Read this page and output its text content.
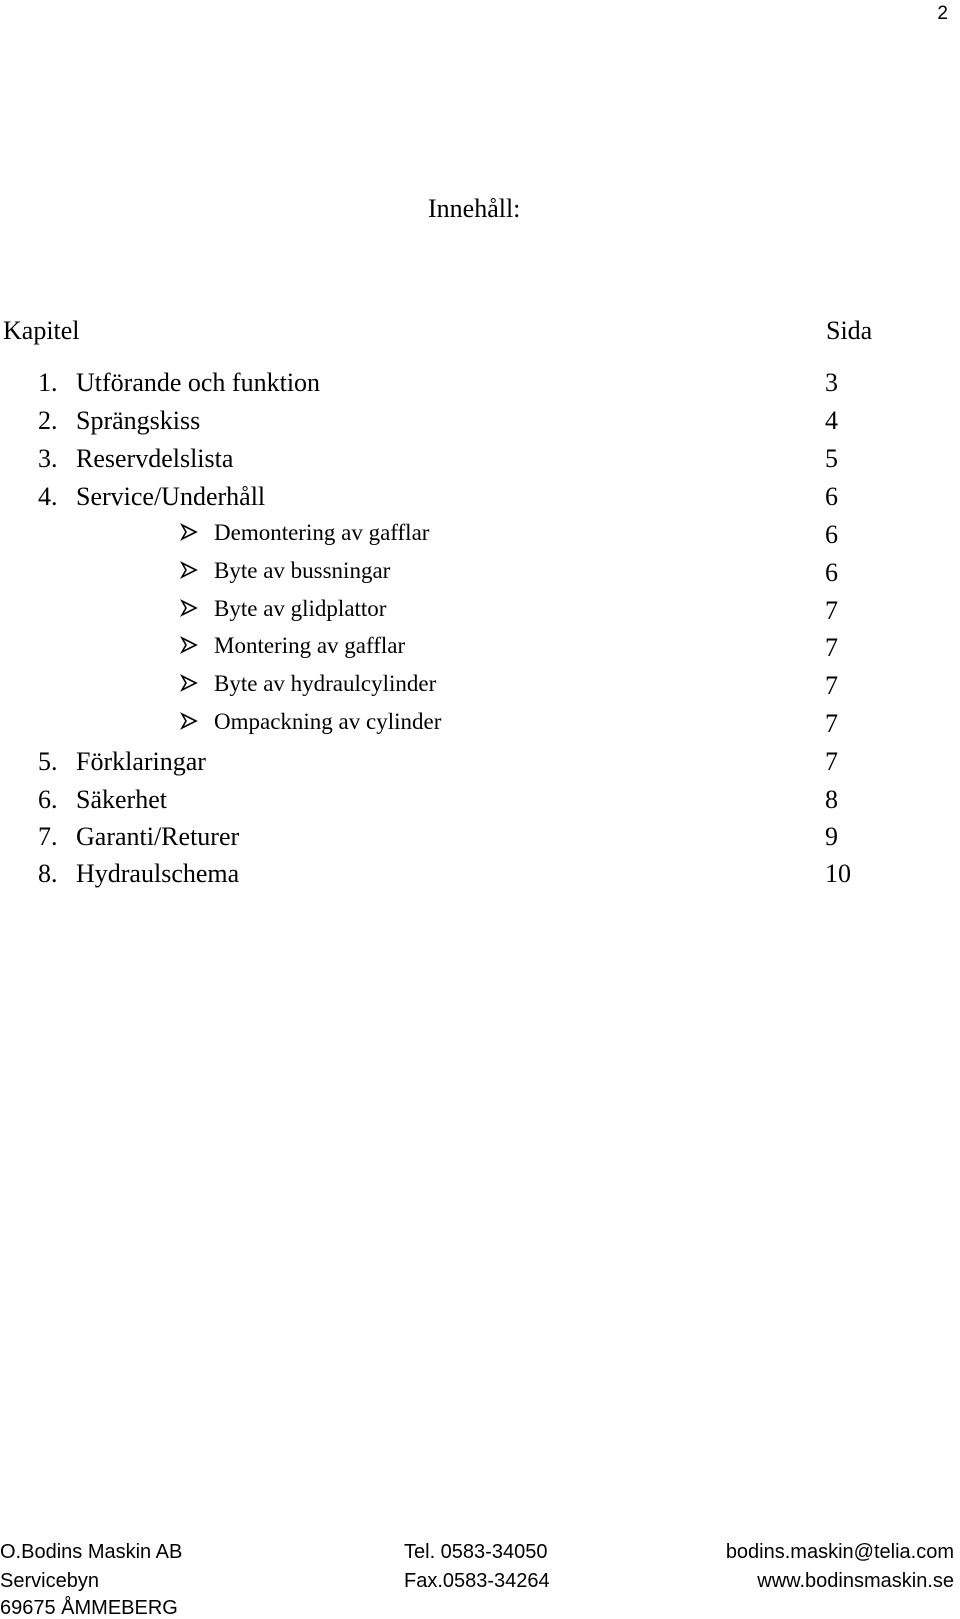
2
Innehåll:
Kapitel	Sida
1. Utförande och funktion	3
2. Sprängskiss	4
3. Reservdelslista	5
4. Service/Underhåll	6
Demontering av gafflar	6
Byte av bussningar	6
Byte av glidplattor	7
Montering av gafflar	7
Byte av hydraulcylinder	7
Ompackning av cylinder	7
5. Förklaringar	7
6. Säkerhet	8
7. Garanti/Returer	9
8. Hydraulschema	10
O.Bodins Maskin AB
Servicebyn
69675 ÅMMEBERG
Tel. 0583-34050
Fax.0583-34264
bodins.maskin@telia.com
www.bodinsmaskin.se
